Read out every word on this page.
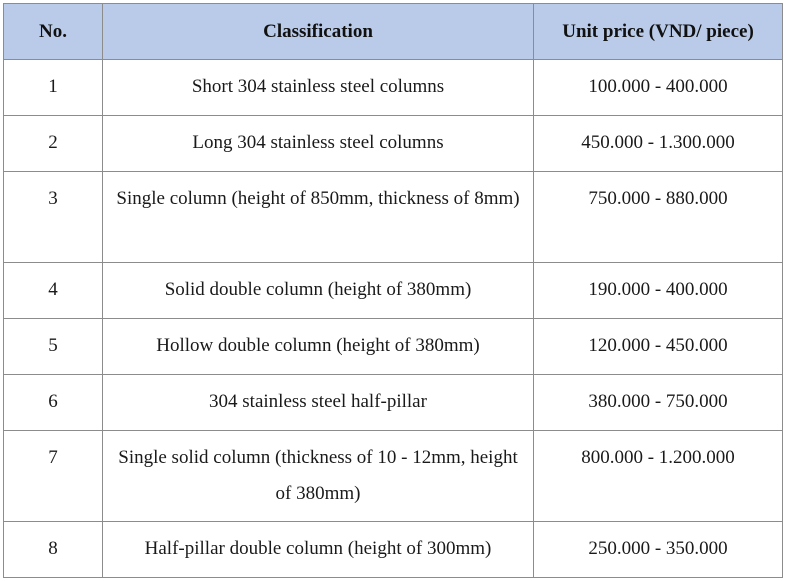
No.	Classification	Unit price (VND/ piece)
1	Short 304 stainless steel columns	100.000 - 400.000
2	Long 304 stainless steel columns	450.000 - 1.300.000
3	Single column (height of 850mm, thickness of 8mm)	750.000 - 880.000
4	Solid double column (height of 380mm)	190.000 - 400.000
5	Hollow double column (height of 380mm)	120.000 - 450.000
6	304 stainless steel half-pillar	380.000 - 750.000
7	Single solid column (thickness of 10 - 12mm, height of 380mm)	800.000 - 1.200.000
8	Half-pillar double column (height of 300mm)	250.000 - 350.000
